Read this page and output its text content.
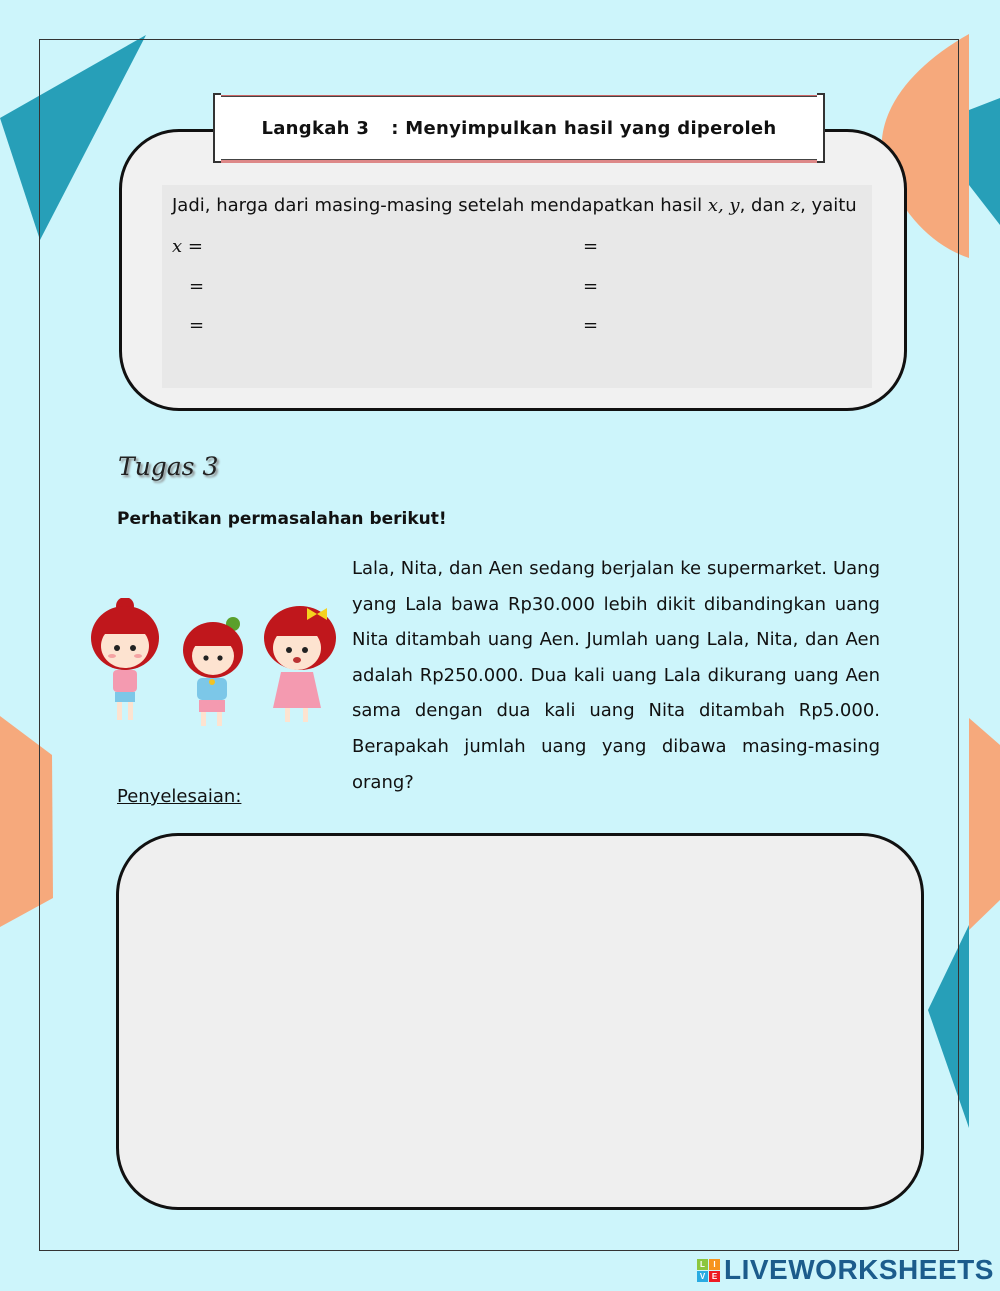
Langkah 3 : Menyimpulkan hasil yang diperoleh
Jadi, harga dari masing-masing setelah mendapatkan hasil x, y, dan z, yaitu
x =	=
=	=
=	=
Tugas 3
Perhatikan permasalahan berikut!
Lala, Nita, dan Aen sedang berjalan ke supermarket. Uang
yang Lala bawa Rp30.000 lebih dikit dibandingkan uang
Nita ditambah uang Aen. Jumlah uang Lala, Nita, dan Aen
adalah Rp250.000. Dua kali uang Lala dikurang uang Aen
sama dengan dua kali uang Nita ditambah Rp5.000.
Berapakah jumlah uang yang dibawa masing-masing orang?
Penyelesaian:
L	I
V E LIVEWORKSHEETS
